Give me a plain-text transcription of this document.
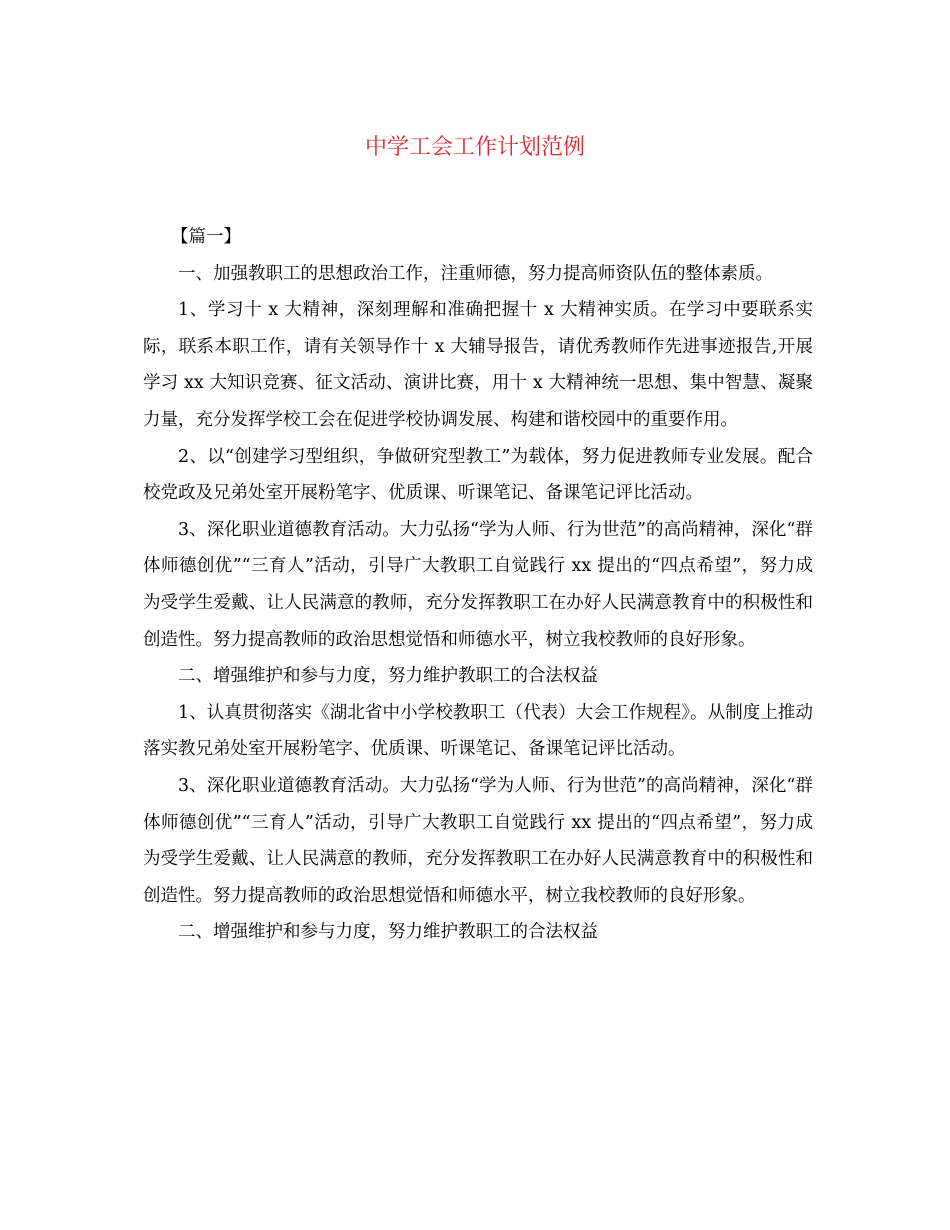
中学工会工作计划范例

【篇一】

一、加强教职工的思想政治工作，注重师德，努力提高师资队伍的整体素质。

1、学习十 x 大精神，深刻理解和准确把握十 x 大精神实质。在学习中要联系实际，联系本职工作，请有关领导作十 x 大辅导报告，请优秀教师作先进事迹报告,开展学习 xx 大知识竞赛、征文活动、演讲比赛，用十 x 大精神统一思想、集中智慧、凝聚力量，充分发挥学校工会在促进学校协调发展、构建和谐校园中的重要作用。

2、以“创建学习型组织，争做研究型教工”为载体，努力促进教师专业发展。配合校党政及兄弟处室开展粉笔字、优质课、听课笔记、备课笔记评比活动。

3、深化职业道德教育活动。大力弘扬“学为人师、行为世范”的高尚精神，深化“群体师德创优”“三育人”活动，引导广大教职工自觉践行 xx 提出的“四点希望”，努力成为受学生爱戴、让人民满意的教师，充分发挥教职工在办好人民满意教育中的积极性和创造性。努力提高教师的政治思想觉悟和师德水平，树立我校教师的良好形象。

二、增强维护和参与力度，努力维护教职工的合法权益

1、认真贯彻落实《湖北省中小学校教职工（代表）大会工作规程》。从制度上推动落实教兄弟处室开展粉笔字、优质课、听课笔记、备课笔记评比活动。

3、深化职业道德教育活动。大力弘扬“学为人师、行为世范”的高尚精神，深化“群体师德创优”“三育人”活动，引导广大教职工自觉践行 xx 提出的“四点希望”，努力成为受学生爱戴、让人民满意的教师，充分发挥教职工在办好人民满意教育中的积极性和创造性。努力提高教师的政治思想觉悟和师德水平，树立我校教师的良好形象。

二、增强维护和参与力度，努力维护教职工的合法权益
